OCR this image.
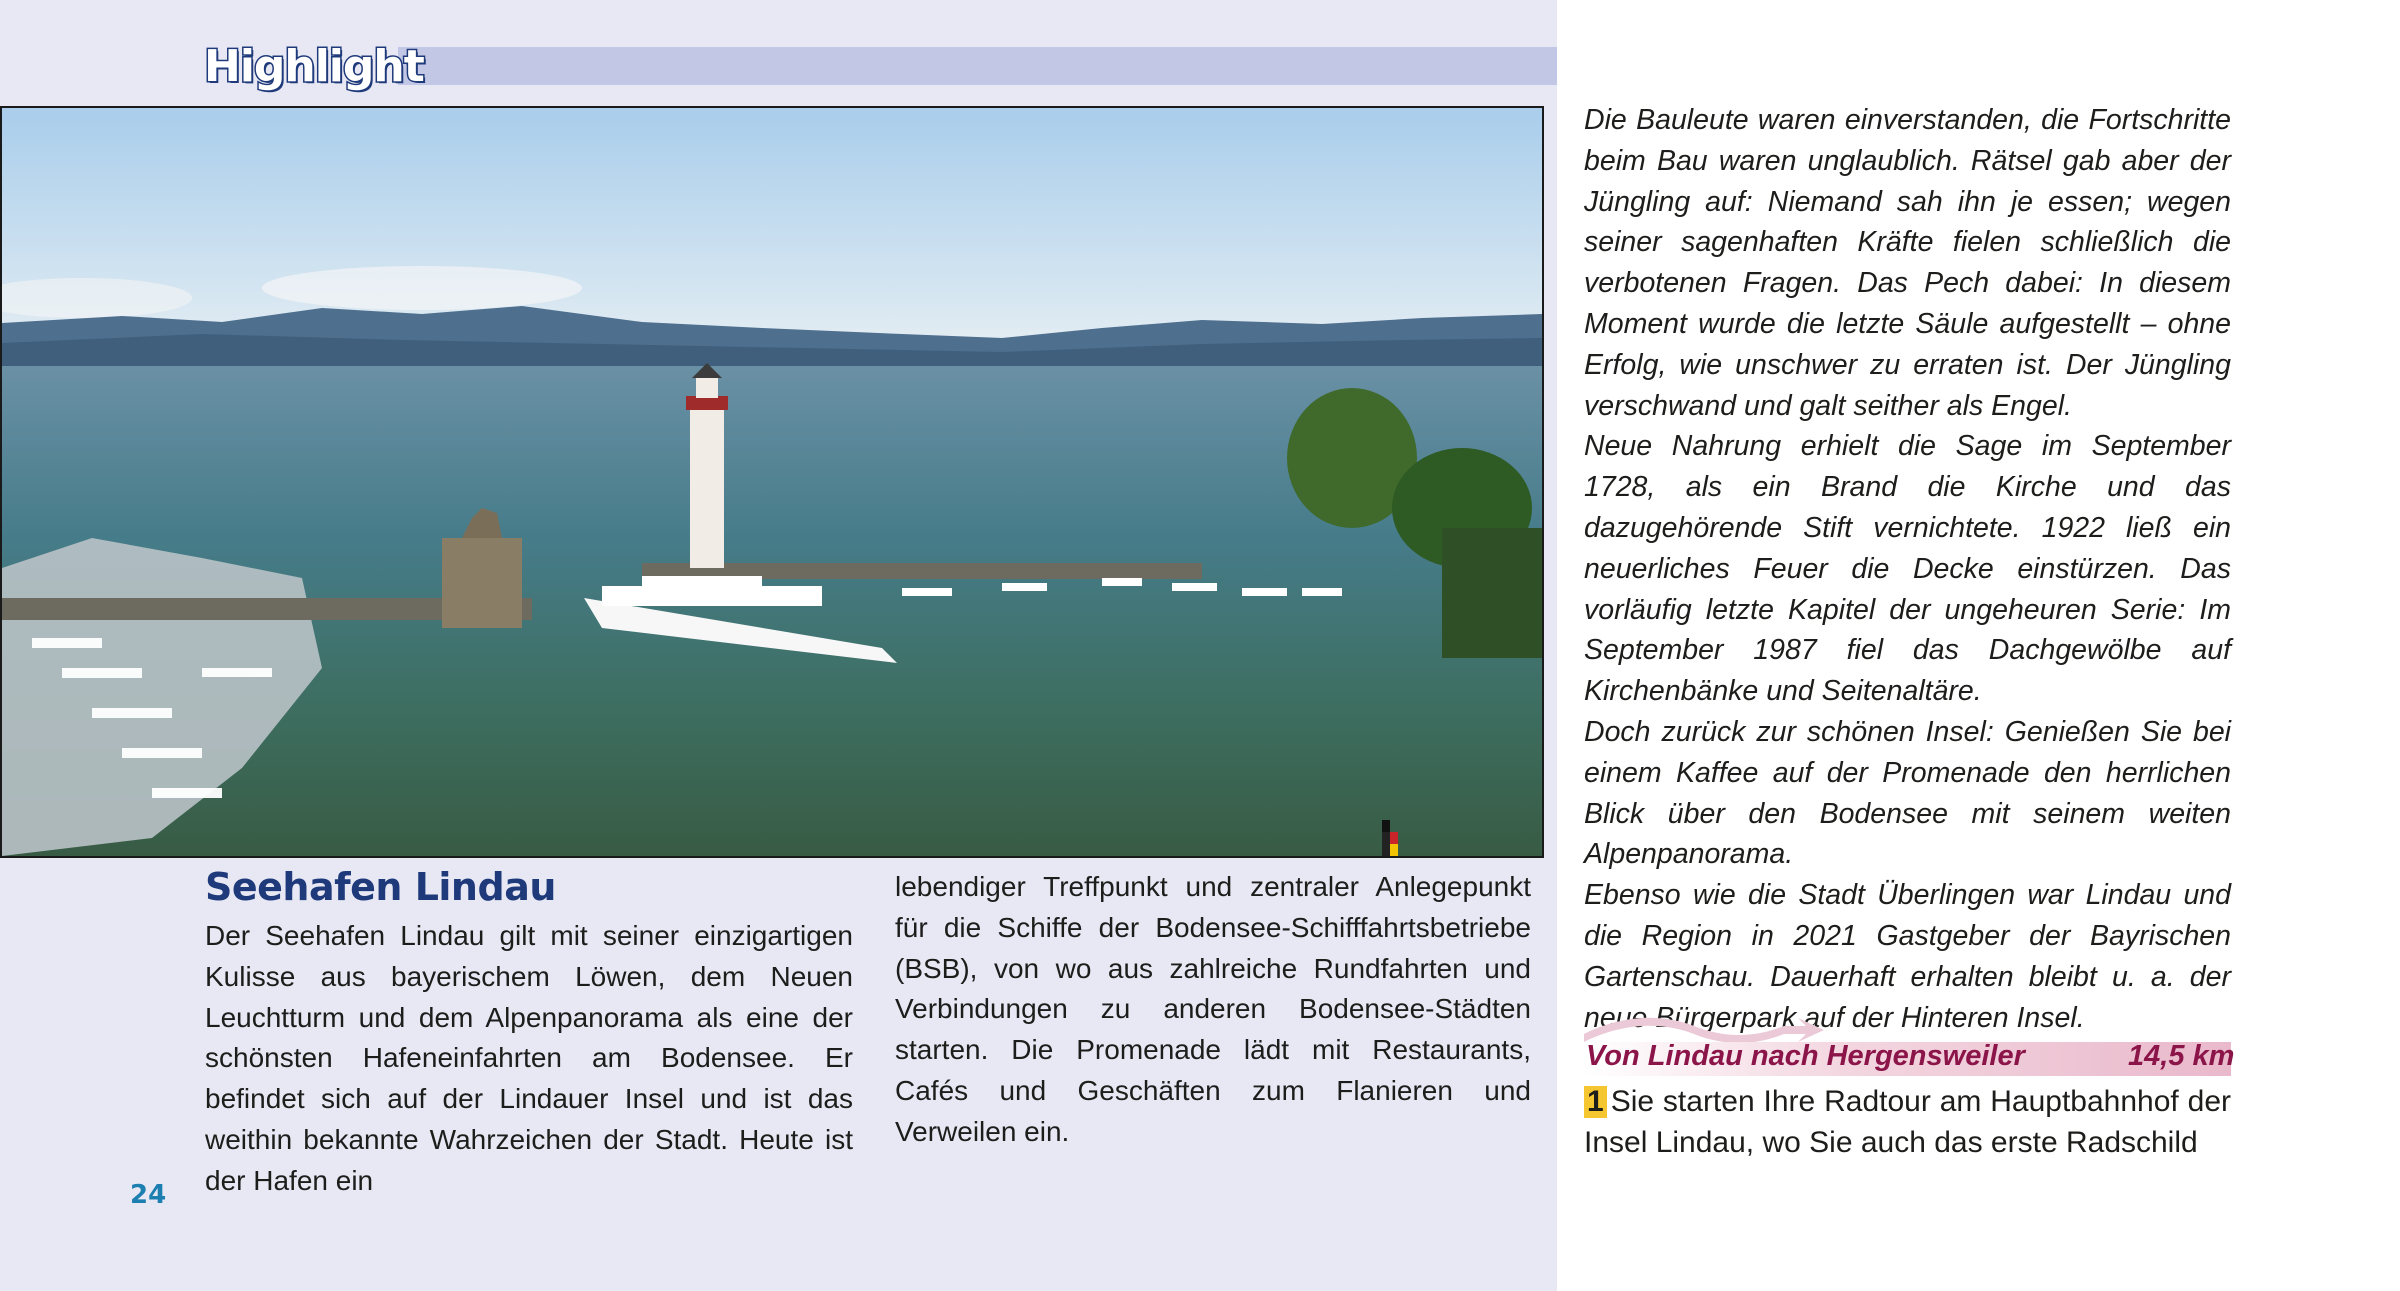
Highlight
Seehafen Lindau
Der Seehafen Lindau gilt mit seiner einzigartigen Kulisse aus bayerischem Löwen, dem Neuen Leuchtturm und dem Alpenpanorama als eine der schönsten Hafeneinfahrten am Bodensee. Er befindet sich auf der Lindauer Insel und ist das weithin bekannte Wahrzeichen der Stadt. Heute ist der Hafen ein
lebendiger Treffpunkt und zentraler Anlegepunkt für die Schiffe der Bodensee-Schifffahrtsbetriebe (BSB), von wo aus zahlreiche Rundfahrten und Verbindungen zu anderen Bodensee-Städten starten. Die Promenade lädt mit Restaurants, Cafés und Geschäften zum Flanieren und Verweilen ein.
24

Die Bauleute waren einverstanden, die Fortschritte beim Bau waren unglaublich. Rätsel gab aber der Jüngling auf: Niemand sah ihn je essen; wegen seiner sagenhaften Kräfte fielen schließlich die verbotenen Fragen. Das Pech dabei: In diesem Moment wurde die letzte Säule aufgestellt – ohne Erfolg, wie unschwer zu erraten ist. Der Jüngling verschwand und galt seither als Engel.

Neue Nahrung erhielt die Sage im September 1728, als ein Brand die Kirche und das dazugehörende Stift vernichtete. 1922 ließ ein neuerliches Feuer die Decke einstürzen. Das vorläufig letzte Kapitel der ungeheuren Serie: Im September 1987 fiel das Dachgewölbe auf Kirchenbänke und Seitenaltäre.

Doch zurück zur schönen Insel: Genießen Sie bei einem Kaffee auf der Promenade den herrlichen Blick über den Bodensee mit seinem weiten Alpenpanorama.

Ebenso wie die Stadt Überlingen war Lindau und die Region in 2021 Gastgeber der Bayrischen Gartenschau. Dauerhaft erhalten bleibt u. a. der neue Bürgerpark auf der Hinteren Insel.

Von Lindau nach Hergensweiler	14,5 km
1 Sie starten Ihre Radtour am Hauptbahnhof der Insel Lindau, wo Sie auch das erste Radschild
